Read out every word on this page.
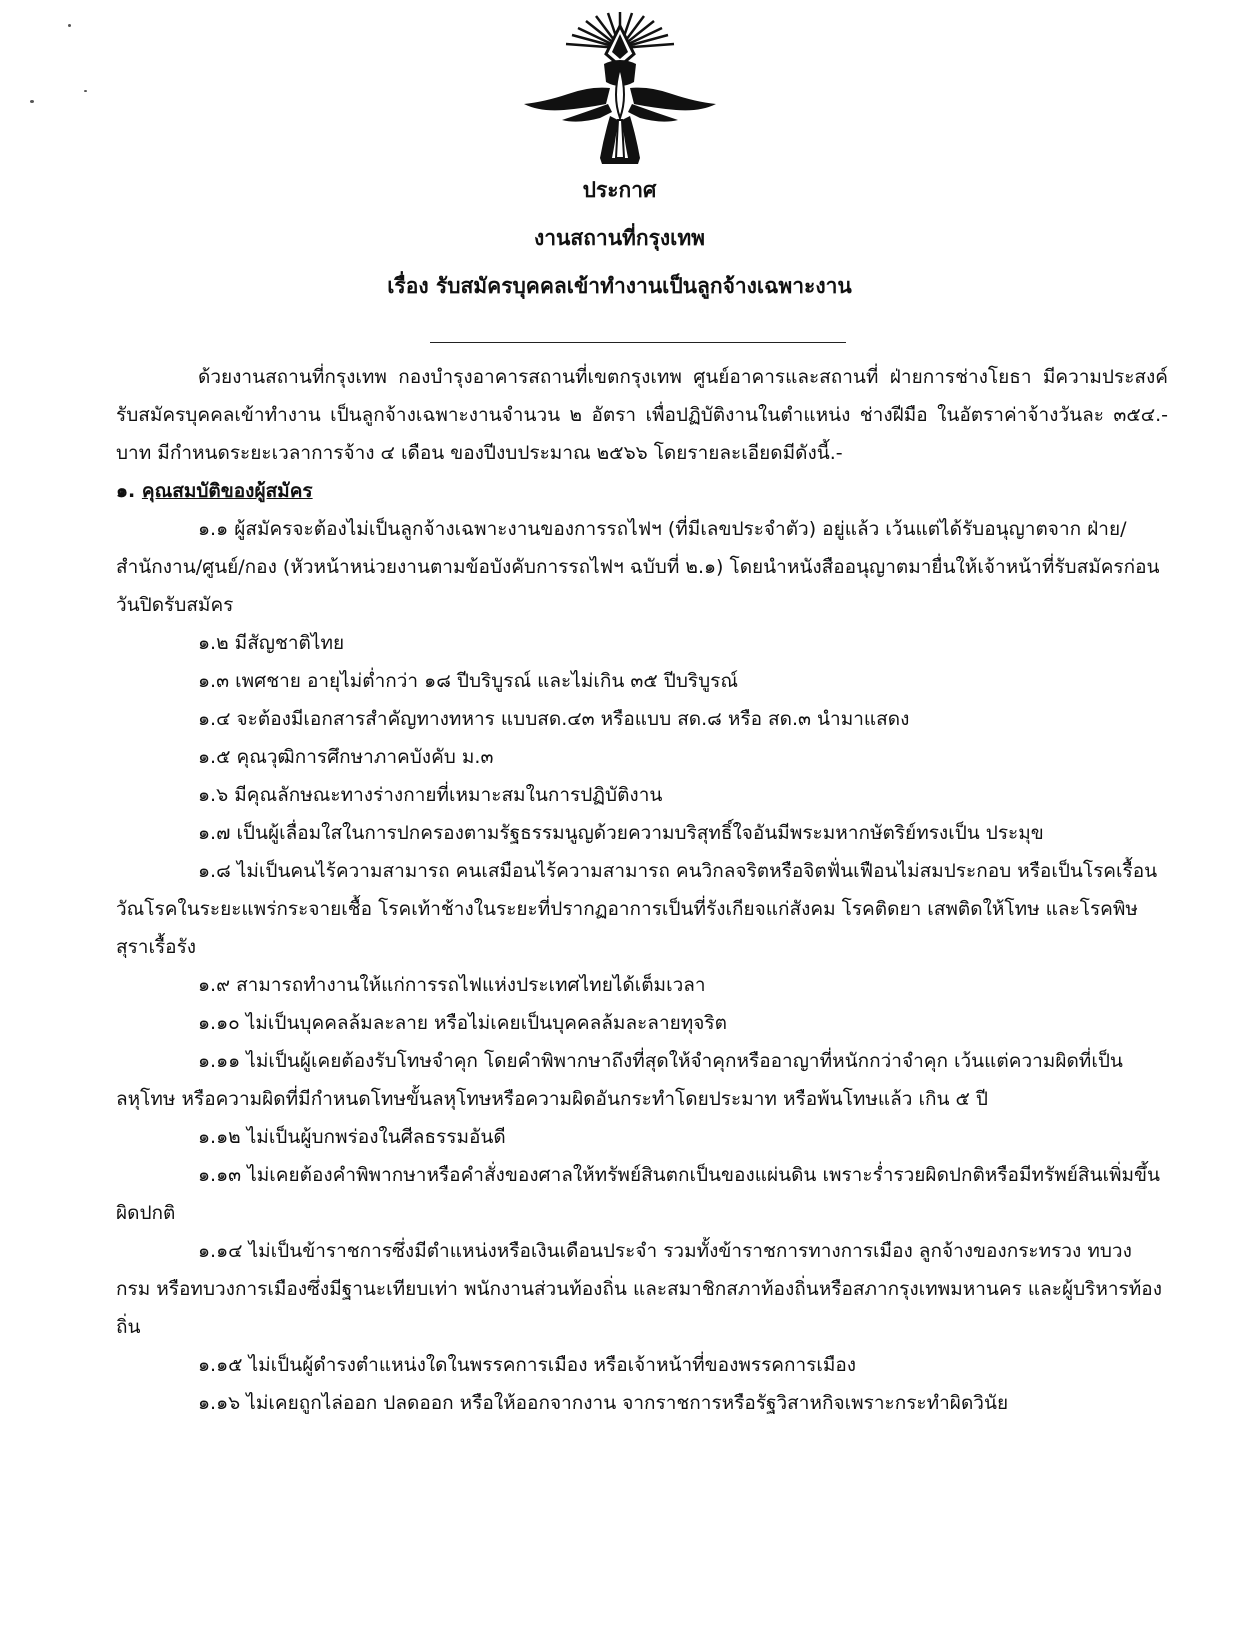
ประกาศ
งานสถานที่กรุงเทพ
เรื่อง รับสมัครบุคคลเข้าทำงานเป็นลูกจ้างเฉพาะงาน

ด้วยงานสถานที่กรุงเทพ กองบำรุงอาคารสถานที่เขตกรุงเทพ ศูนย์อาคารและสถานที่ ฝ่ายการช่างโยธา มีความประสงค์รับสมัครบุคคลเข้าทำงาน เป็นลูกจ้างเฉพาะงานจำนวน ๒ อัตรา เพื่อปฏิบัติงานในตำแหน่ง ช่างฝีมือ ในอัตราค่าจ้างวันละ ๓๕๔.-บาท มีกำหนดระยะเวลาการจ้าง ๔ เดือน ของปีงบประมาณ ๒๕๖๖ โดยรายละเอียดมีดังนี้.-

๑. คุณสมบัติของผู้สมัคร

๑.๑ ผู้สมัครจะต้องไม่เป็นลูกจ้างเฉพาะงานของการรถไฟฯ (ที่มีเลขประจำตัว) อยู่แล้ว เว้นแต่ได้รับอนุญาตจาก ฝ่าย/สำนักงาน/ศูนย์/กอง (หัวหน้าหน่วยงานตามข้อบังคับการรถไฟฯ ฉบับที่ ๒.๑) โดยนำหนังสืออนุญาตมายื่นให้เจ้าหน้าที่รับสมัครก่อนวันปิดรับสมัคร

๑.๒ มีสัญชาติไทย

๑.๓ เพศชาย อายุไม่ต่ำกว่า ๑๘ ปีบริบูรณ์ และไม่เกิน ๓๕ ปีบริบูรณ์

๑.๔ จะต้องมีเอกสารสำคัญทางทหาร แบบสด.๔๓ หรือแบบ สด.๘ หรือ สด.๓ นำมาแสดง

๑.๕ คุณวุฒิการศึกษาภาคบังคับ ม.๓

๑.๖ มีคุณลักษณะทางร่างกายที่เหมาะสมในการปฏิบัติงาน

๑.๗ เป็นผู้เลื่อมใสในการปกครองตามรัฐธรรมนูญด้วยความบริสุทธิ์ใจอันมีพระมหากษัตริย์ทรงเป็น ประมุข

๑.๘ ไม่เป็นคนไร้ความสามารถ คนเสมือนไร้ความสามารถ คนวิกลจริตหรือจิตฟั่นเฟือนไม่สมประกอบ หรือเป็นโรคเรื้อน วัณโรคในระยะแพร่กระจายเชื้อ โรคเท้าช้างในระยะที่ปรากฏอาการเป็นที่รังเกียจแก่สังคม โรคติดยา เสพติดให้โทษ และโรคพิษสุราเรื้อรัง

๑.๙ สามารถทำงานให้แก่การรถไฟแห่งประเทศไทยได้เต็มเวลา

๑.๑๐ ไม่เป็นบุคคลล้มละลาย หรือไม่เคยเป็นบุคคลล้มละลายทุจริต

๑.๑๑ ไม่เป็นผู้เคยต้องรับโทษจำคุก โดยคำพิพากษาถึงที่สุดให้จำคุกหรืออาญาที่หนักกว่าจำคุก เว้นแต่ความผิดที่เป็นลหุโทษ หรือความผิดที่มีกำหนดโทษขั้นลหุโทษหรือความผิดอันกระทำโดยประมาท หรือพ้นโทษแล้ว เกิน ๕ ปี

๑.๑๒ ไม่เป็นผู้บกพร่องในศีลธรรมอันดี

๑.๑๓ ไม่เคยต้องคำพิพากษาหรือคำสั่งของศาลให้ทรัพย์สินตกเป็นของแผ่นดิน เพราะร่ำรวยผิดปกติหรือมีทรัพย์สินเพิ่มขึ้นผิดปกติ

๑.๑๔ ไม่เป็นข้าราชการซึ่งมีตำแหน่งหรือเงินเดือนประจำ รวมทั้งข้าราชการทางการเมือง ลูกจ้างของกระทรวง ทบวง กรม หรือทบวงการเมืองซึ่งมีฐานะเทียบเท่า พนักงานส่วนท้องถิ่น และสมาชิกสภาท้องถิ่นหรือสภากรุงเทพมหานคร และผู้บริหารท้องถิ่น

๑.๑๕ ไม่เป็นผู้ดำรงตำแหน่งใดในพรรคการเมือง หรือเจ้าหน้าที่ของพรรคการเมือง

๑.๑๖ ไม่เคยถูกไล่ออก ปลดออก หรือให้ออกจากงาน จากราชการหรือรัฐวิสาหกิจเพราะกระทำผิดวินัย
